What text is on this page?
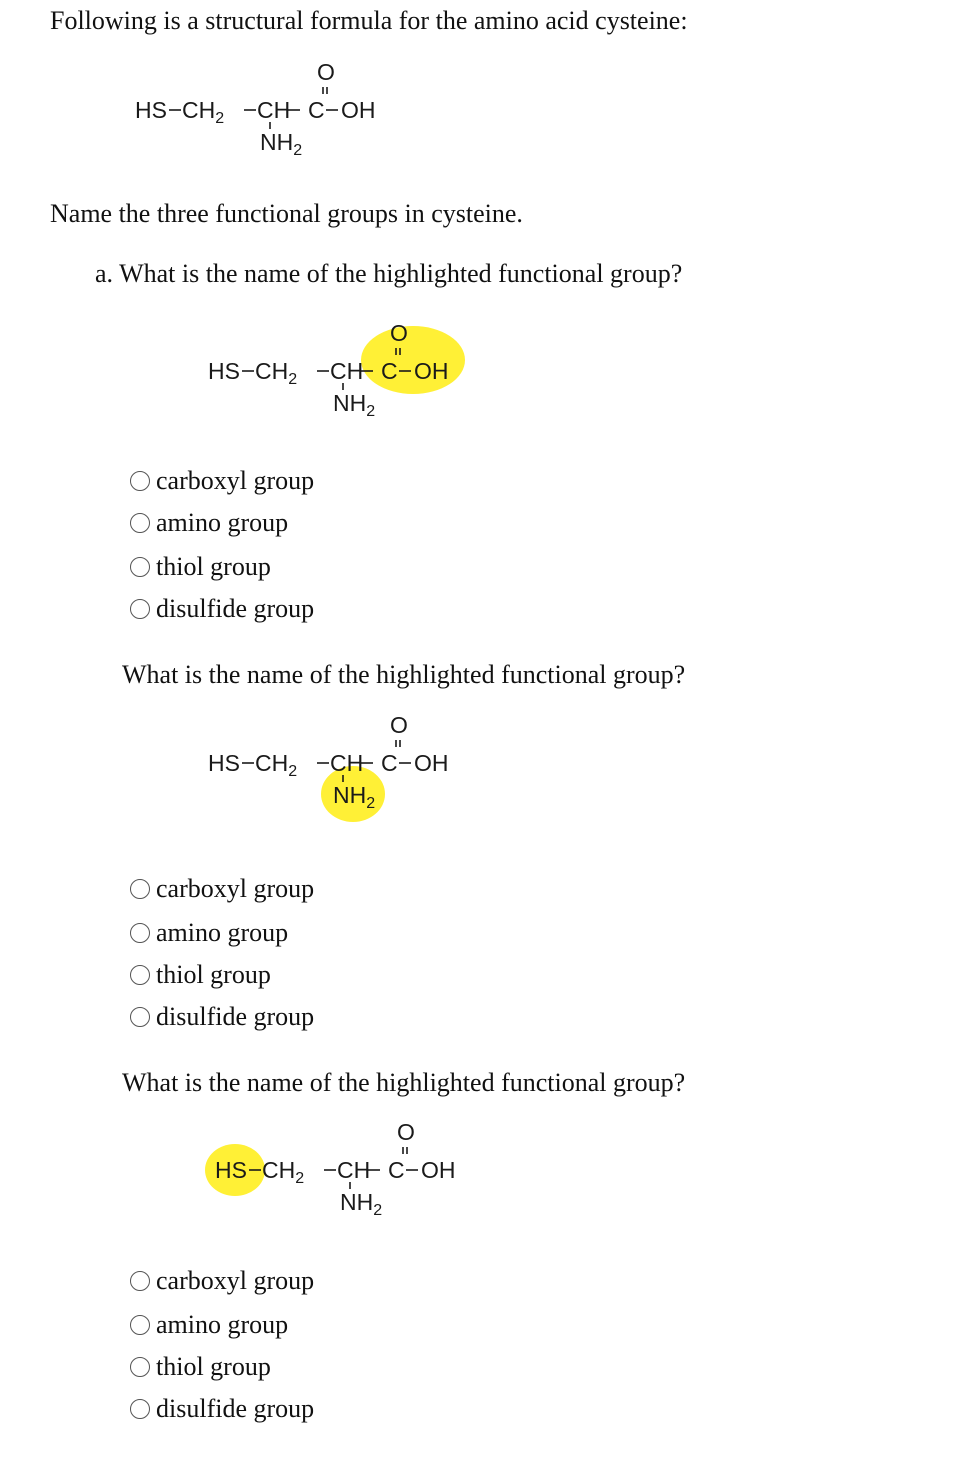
Following is a structural formula for the amino acid cysteine:
O
HS $CH_2$ CH C OH
$NH_2$
Name the three functional groups in cysteine.
a. What is the name of the highlighted functional group?
O
HS $CH_2$ CH C OH
$NH_2$
carboxyl group
amino group
thiol group
disulfide group
What is the name of the highlighted functional group?
O
HS $CH_2$ CH C OH
$NH_2$
carboxyl group
amino group
thiol group
disulfide group
What is the name of the highlighted functional group?
O
HS $CH_2$ CH C OH
$NH_2$
carboxyl group
amino group
thiol group
disulfide group
